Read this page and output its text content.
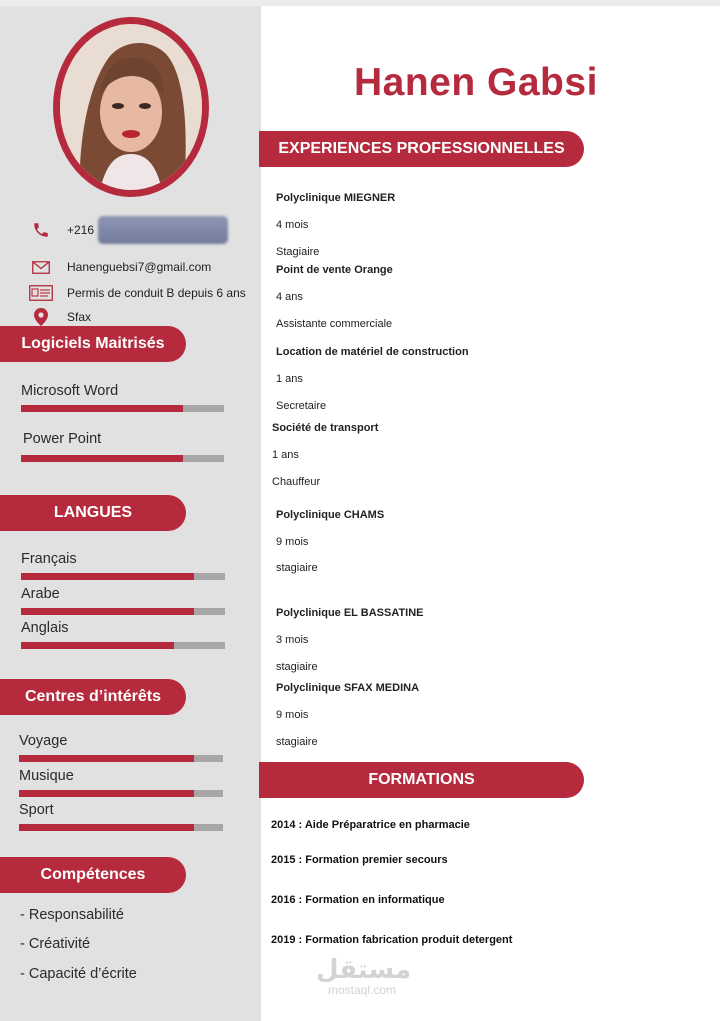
+216
Hanenguebsi7@gmail.com
Permis de conduit B depuis 6 ans
Sfax
Logiciels Maitrisés
Microsoft Word
Power Point
LANGUES
Français
Arabe
Anglais
Centres d’intérêts
Voyage
Musique
Sport
Compétences
- Responsabilité
- Créativité
- Capacité d’écrite
Hanen Gabsi
EXPERIENCES PROFESSIONNELLES
Polyclinique MIEGNER
4 mois
Stagiaire
Point de vente Orange
4 ans
Assistante commerciale
Location de matériel de construction
1 ans
Secretaire
Société de transport
1 ans
Chauffeur
Polyclinique CHAMS
9 mois
stagiaire
Polyclinique EL BASSATINE
3 mois
stagiaire
Polyclinique SFAX MEDINA
9 mois
stagiaire
FORMATIONS
2014 : Aide Préparatrice en pharmacie
2015 : Formation premier secours
2016 : Formation en informatique
2019 : Formation fabrication produit detergent
مستقل
mostaql.com
